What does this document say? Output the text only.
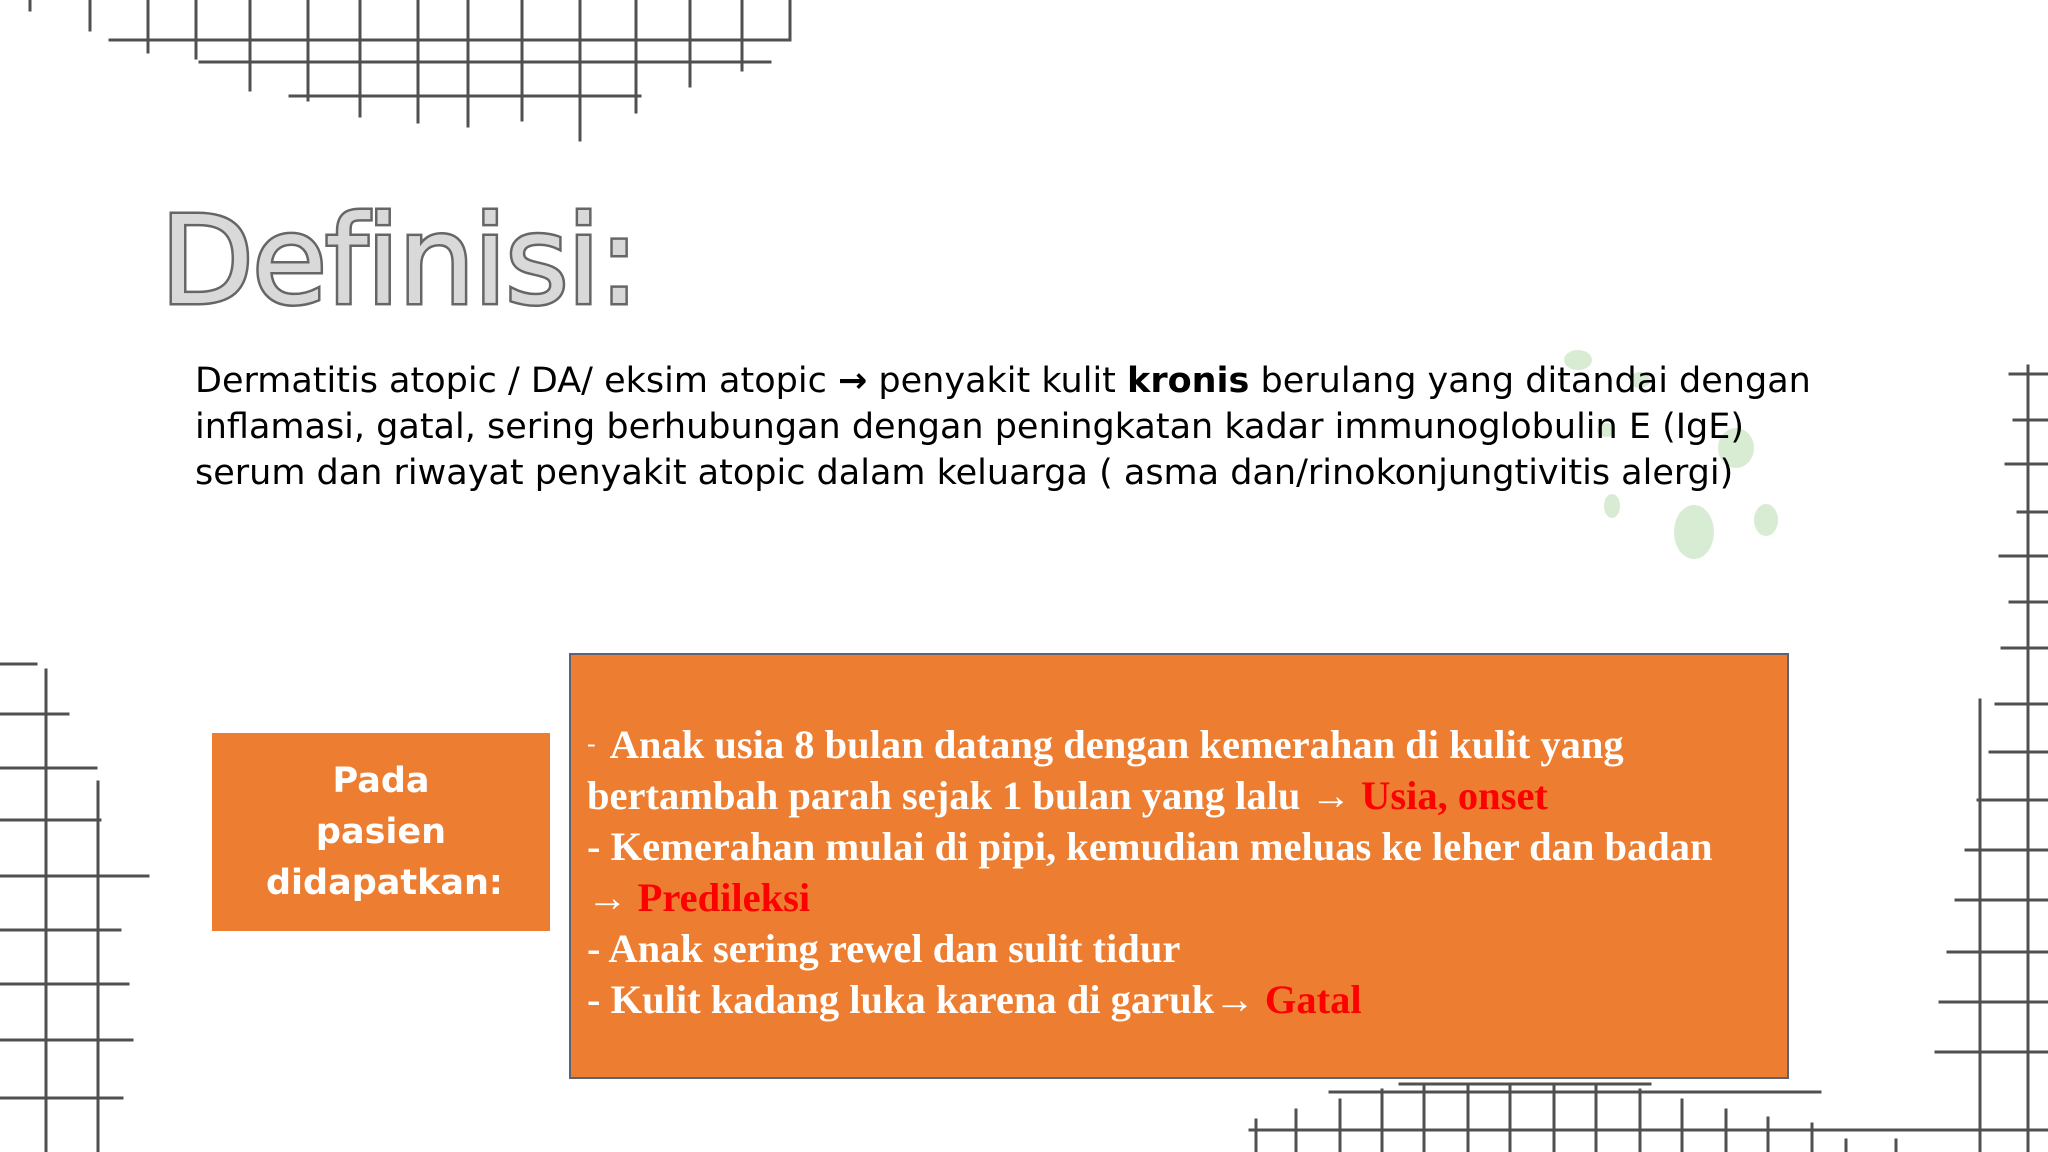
Definisi:

Dermatitis atopic / DA/ eksim atopic → penyakit kulit kronis berulang yang ditandai dengan
inflamasi, gatal, sering berhubungan dengan peningkatan kadar immunoglobulin E (IgE)
serum dan riwayat penyakit atopic dalam keluarga ( asma dan/rinokonjungtivitis alergi)

Pada pasien didapatkan:
- Anak usia 8 bulan datang dengan kemerahan di kulit yang
bertambah parah sejak 1 bulan yang lalu → Usia, onset
- Kemerahan mulai di pipi, kemudian meluas ke leher dan badan
→ Predileksi
- Anak sering rewel dan sulit tidur
- Kulit kadang luka karena di garuk→ Gatal
